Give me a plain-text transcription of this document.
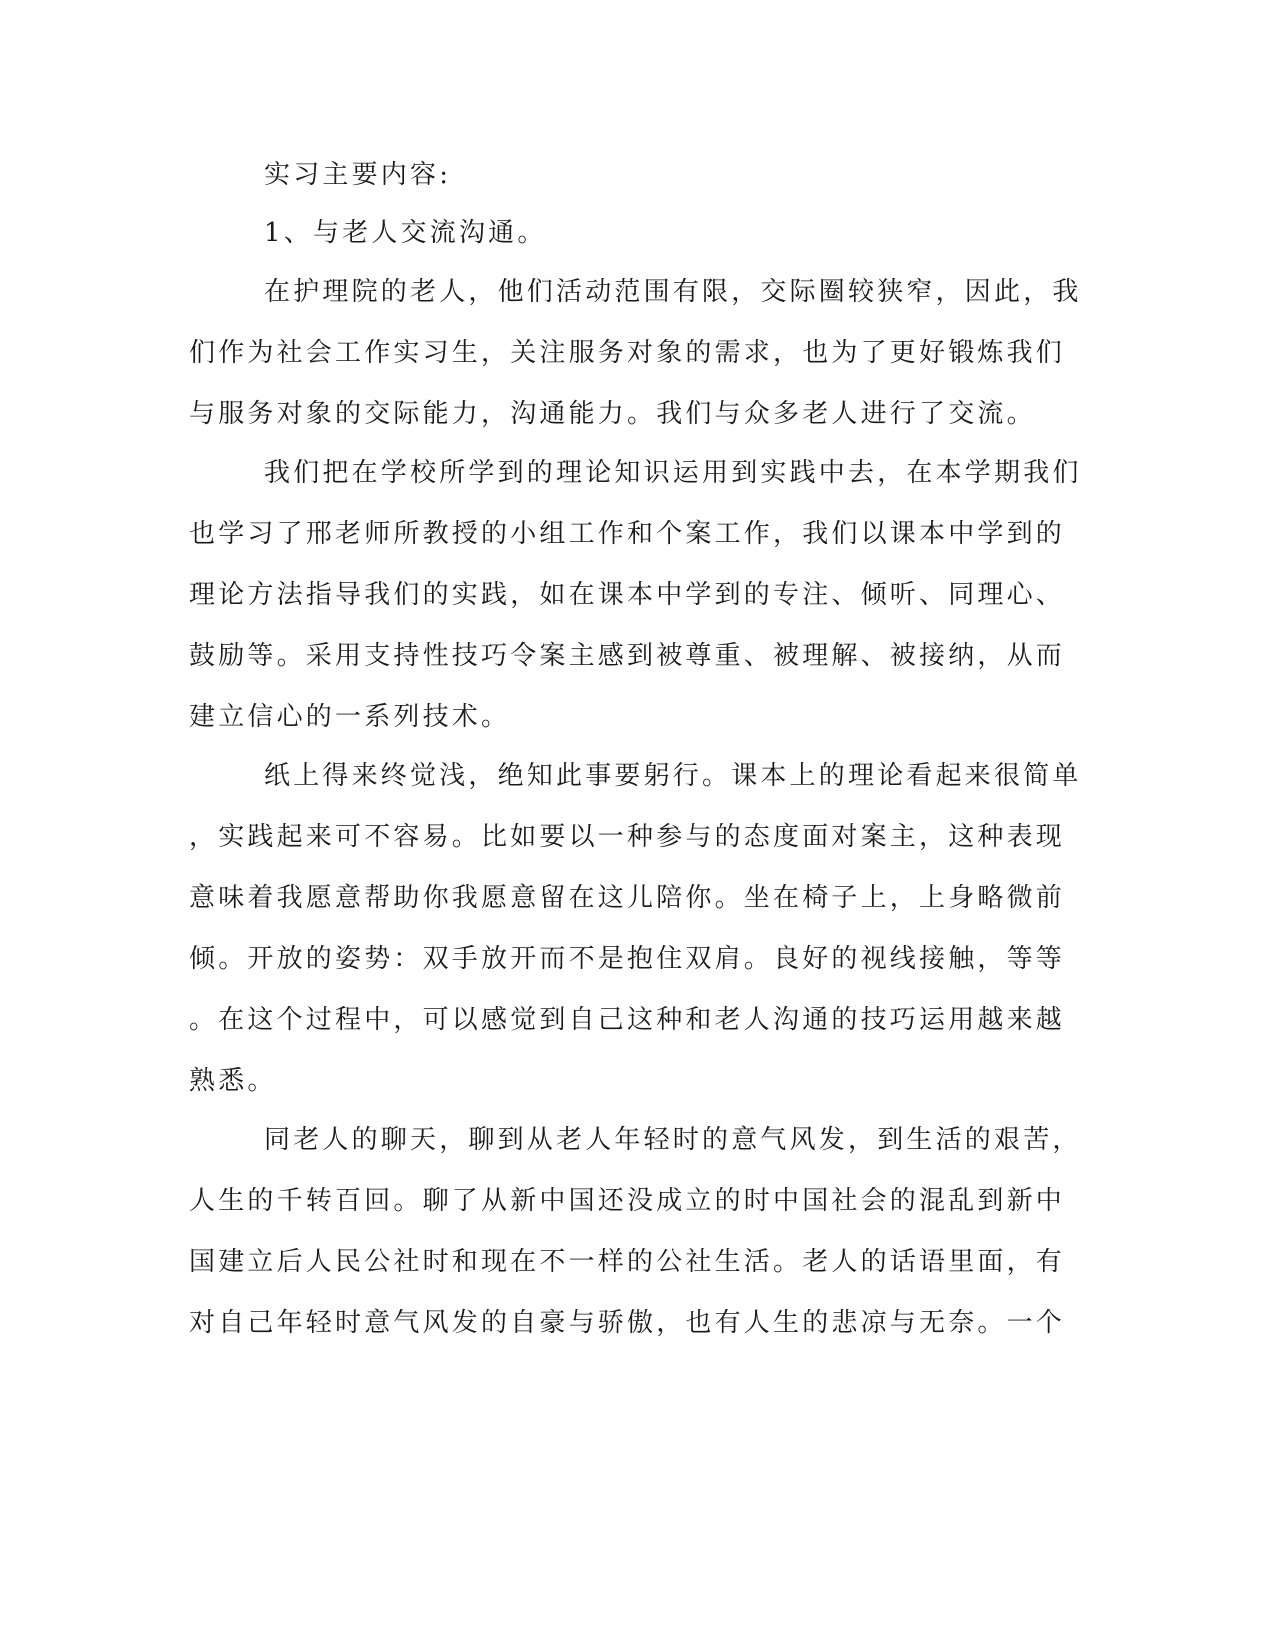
实习主要内容:
1、与老人交流沟通。
在护理院的老人，他们活动范围有限，交际圈较狭窄，因此，我
们作为社会工作实习生，关注服务对象的需求，也为了更好锻炼我们
与服务对象的交际能力，沟通能力。我们与众多老人进行了交流。
我们把在学校所学到的理论知识运用到实践中去，在本学期我们
也学习了邢老师所教授的小组工作和个案工作，我们以课本中学到的
理论方法指导我们的实践，如在课本中学到的专注、倾听、同理心、
鼓励等。采用支持性技巧令案主感到被尊重、被理解、被接纳，从而
建立信心的一系列技术。
纸上得来终觉浅，绝知此事要躬行。课本上的理论看起来很简单
，实践起来可不容易。比如要以一种参与的态度面对案主，这种表现
意味着我愿意帮助你我愿意留在这儿陪你。坐在椅子上，上身略微前
倾。开放的姿势：双手放开而不是抱住双肩。良好的视线接触，等等
。在这个过程中，可以感觉到自己这种和老人沟通的技巧运用越来越
熟悉。
同老人的聊天，聊到从老人年轻时的意气风发，到生活的艰苦，
人生的千转百回。聊了从新中国还没成立的时中国社会的混乱到新中
国建立后人民公社时和现在不一样的公社生活。老人的话语里面，有
对自己年轻时意气风发的自豪与骄傲，也有人生的悲凉与无奈。一个
